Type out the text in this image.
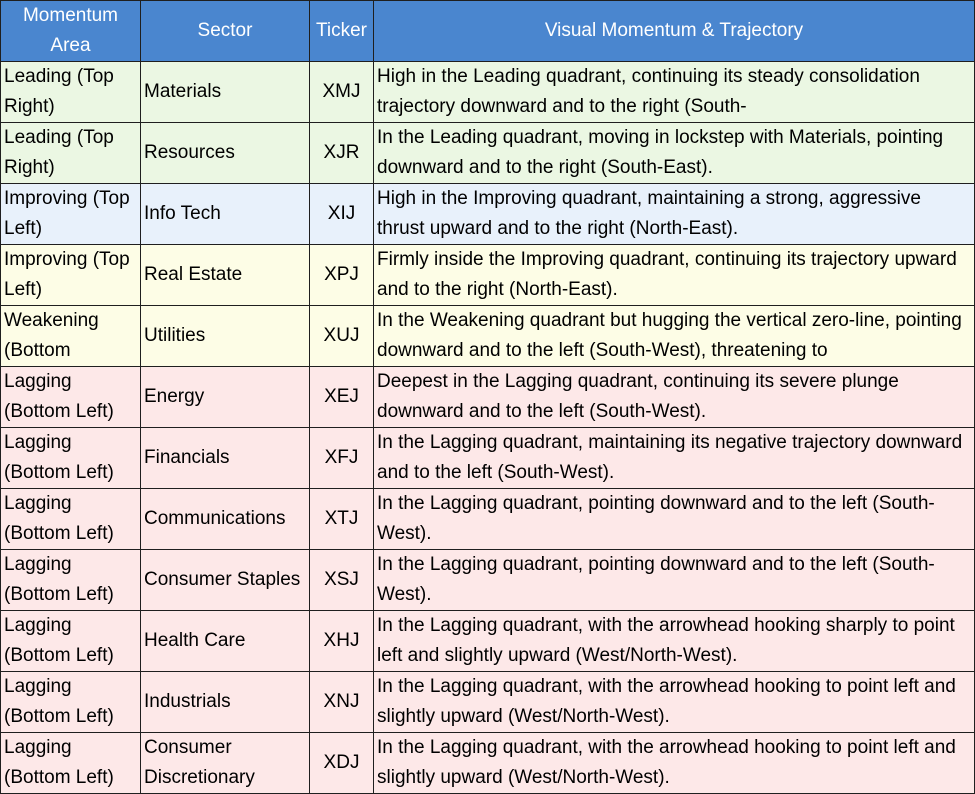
Momentum Area	Sector	Ticker	Visual Momentum & Trajectory

Leading (Top Right)	Materials	XMJ	High in the Leading quadrant, continuing its steady consolidation trajectory downward and to the right (South-

Leading (Top Right)	Resources	XJR	In the Leading quadrant, moving in lockstep with Materials, pointing downward and to the right (South-East).

Improving (Top Left)	Info Tech	XIJ	High in the Improving quadrant, maintaining a strong, aggressive thrust upward and to the right (North-East).

Improving (Top Left)	Real Estate	XPJ	Firmly inside the Improving quadrant, continuing its trajectory upward and to the right (North-East).

Weakening (Bottom	Utilities	XUJ	In the Weakening quadrant but hugging the vertical zero-line, pointing downward and to the left (South-West), threatening to

Lagging (Bottom Left)	Energy	XEJ	Deepest in the Lagging quadrant, continuing its severe plunge downward and to the left (South-West).

Lagging (Bottom Left)	Financials	XFJ	In the Lagging quadrant, maintaining its negative trajectory downward and to the left (South-West).

Lagging (Bottom Left)	Communications	XTJ	In the Lagging quadrant, pointing downward and to the left (South-West).

Lagging (Bottom Left)	Consumer Staples	XSJ	In the Lagging quadrant, pointing downward and to the left (South-West).

Lagging (Bottom Left)	Health Care	XHJ	In the Lagging quadrant, with the arrowhead hooking sharply to point left and slightly upward (West/North-West).

Lagging (Bottom Left)	Industrials	XNJ	In the Lagging quadrant, with the arrowhead hooking to point left and slightly upward (West/North-West).

Lagging (Bottom Left)	Consumer Discretionary	XDJ	In the Lagging quadrant, with the arrowhead hooking to point left and slightly upward (West/North-West).
